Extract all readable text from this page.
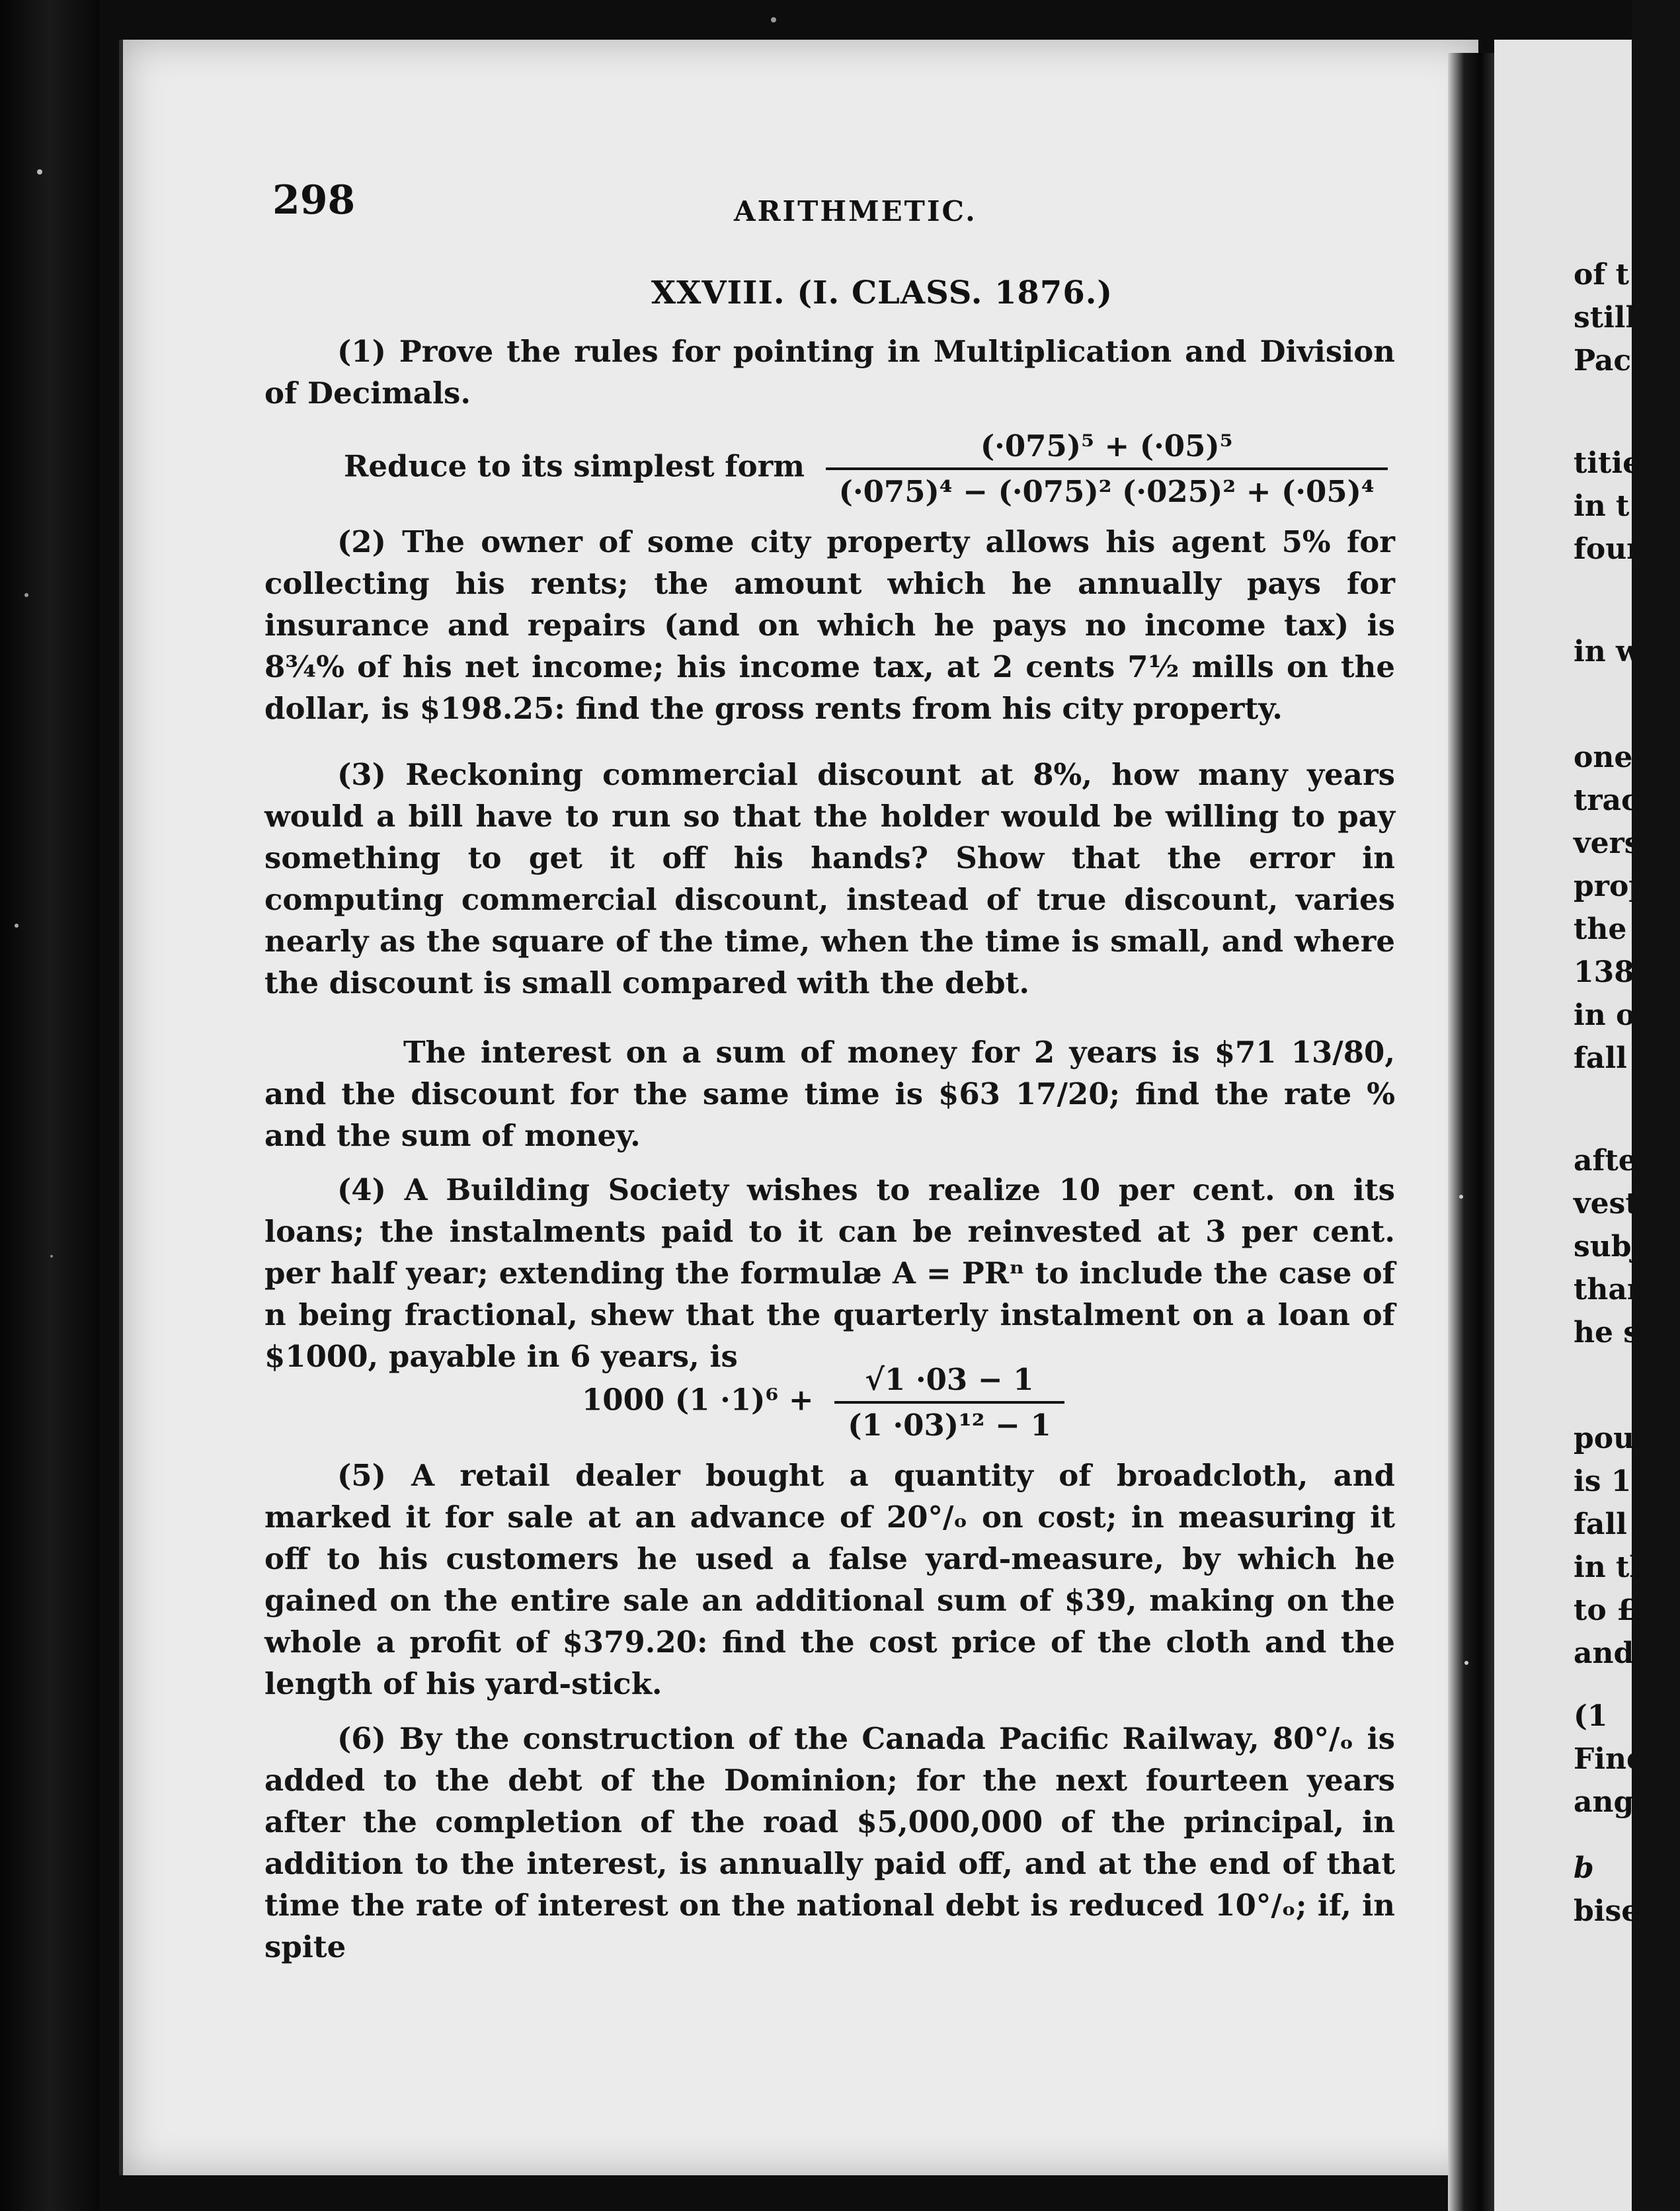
298	ARITHMETIC.
XXVIII. (I. CLASS. 1876.)
(1) Prove the rules for pointing in Multiplication and Division of Decimals.
Reduce to its simplest form $\frac{\text{(·075)⁵ + (·05)⁵}}{\text{(·075)⁴ − (·075)² (·025)² + (·05)⁴}}$
(2) The owner of some city property allows his agent 5% for collecting his rents; the amount which he annually pays for insurance and repairs (and on which he pays no income tax) is 8¾% of his net income; his income tax, at 2 cents 7½ mills on the dollar, is $198.25: find the gross rents from his city property.
(3) Reckoning commercial discount at 8%, how many years would a bill have to run so that the holder would be willing to pay something to get it off his hands? Show that the error in computing commercial discount, instead of true discount, varies nearly as the square of the time, when the time is small, and where the discount is small compared with the debt.
The interest on a sum of money for 2 years is $71 13/80, and the discount for the same time is $63 17/20; find the rate % and the sum of money.
(4) A Building Society wishes to realize 10 per cent. on its loans; the instalments paid to it can be reinvested at 3 per cent. per half year; extending the formulæ A = PRⁿ to include the case of n being fractional, shew that the quarterly instalment on a loan of $1000, payable in 6 years, is
1000 $(1 \cdot 1)^6 + \frac{√1 \cdot 03 - 1}{\text{(1 ·03)¹² − 1}}$
(5) A retail dealer bought a quantity of broadcloth, and marked it for sale at an advance of 20°/ₒ on cost; in measuring it off to his customers he used a false yard-measure, by which he gained on the entire sale an additional sum of $39, making on the whole a profit of $379.20: find the cost price of the cloth and the length of his yard-stick.
(6) By the construction of the Canada Pacific Railway, 80°/ₒ is added to the debt of the Dominion; for the next fourteen years after the completion of the road $5,000,000 of the principal, in addition to the interest, is annually paid off, and at the end of that time the rate of interest on the national debt is reduced 10°/ₒ; if, in spite
of t
still
Paci
titie
in t
four
in w
one
tract
verse
prop
the
1387
in or
fall t
after
vests
subje
than
he so
pounc
is 14
fall o
in th
to £1
and t
(1
Find
angles
b
bisect
